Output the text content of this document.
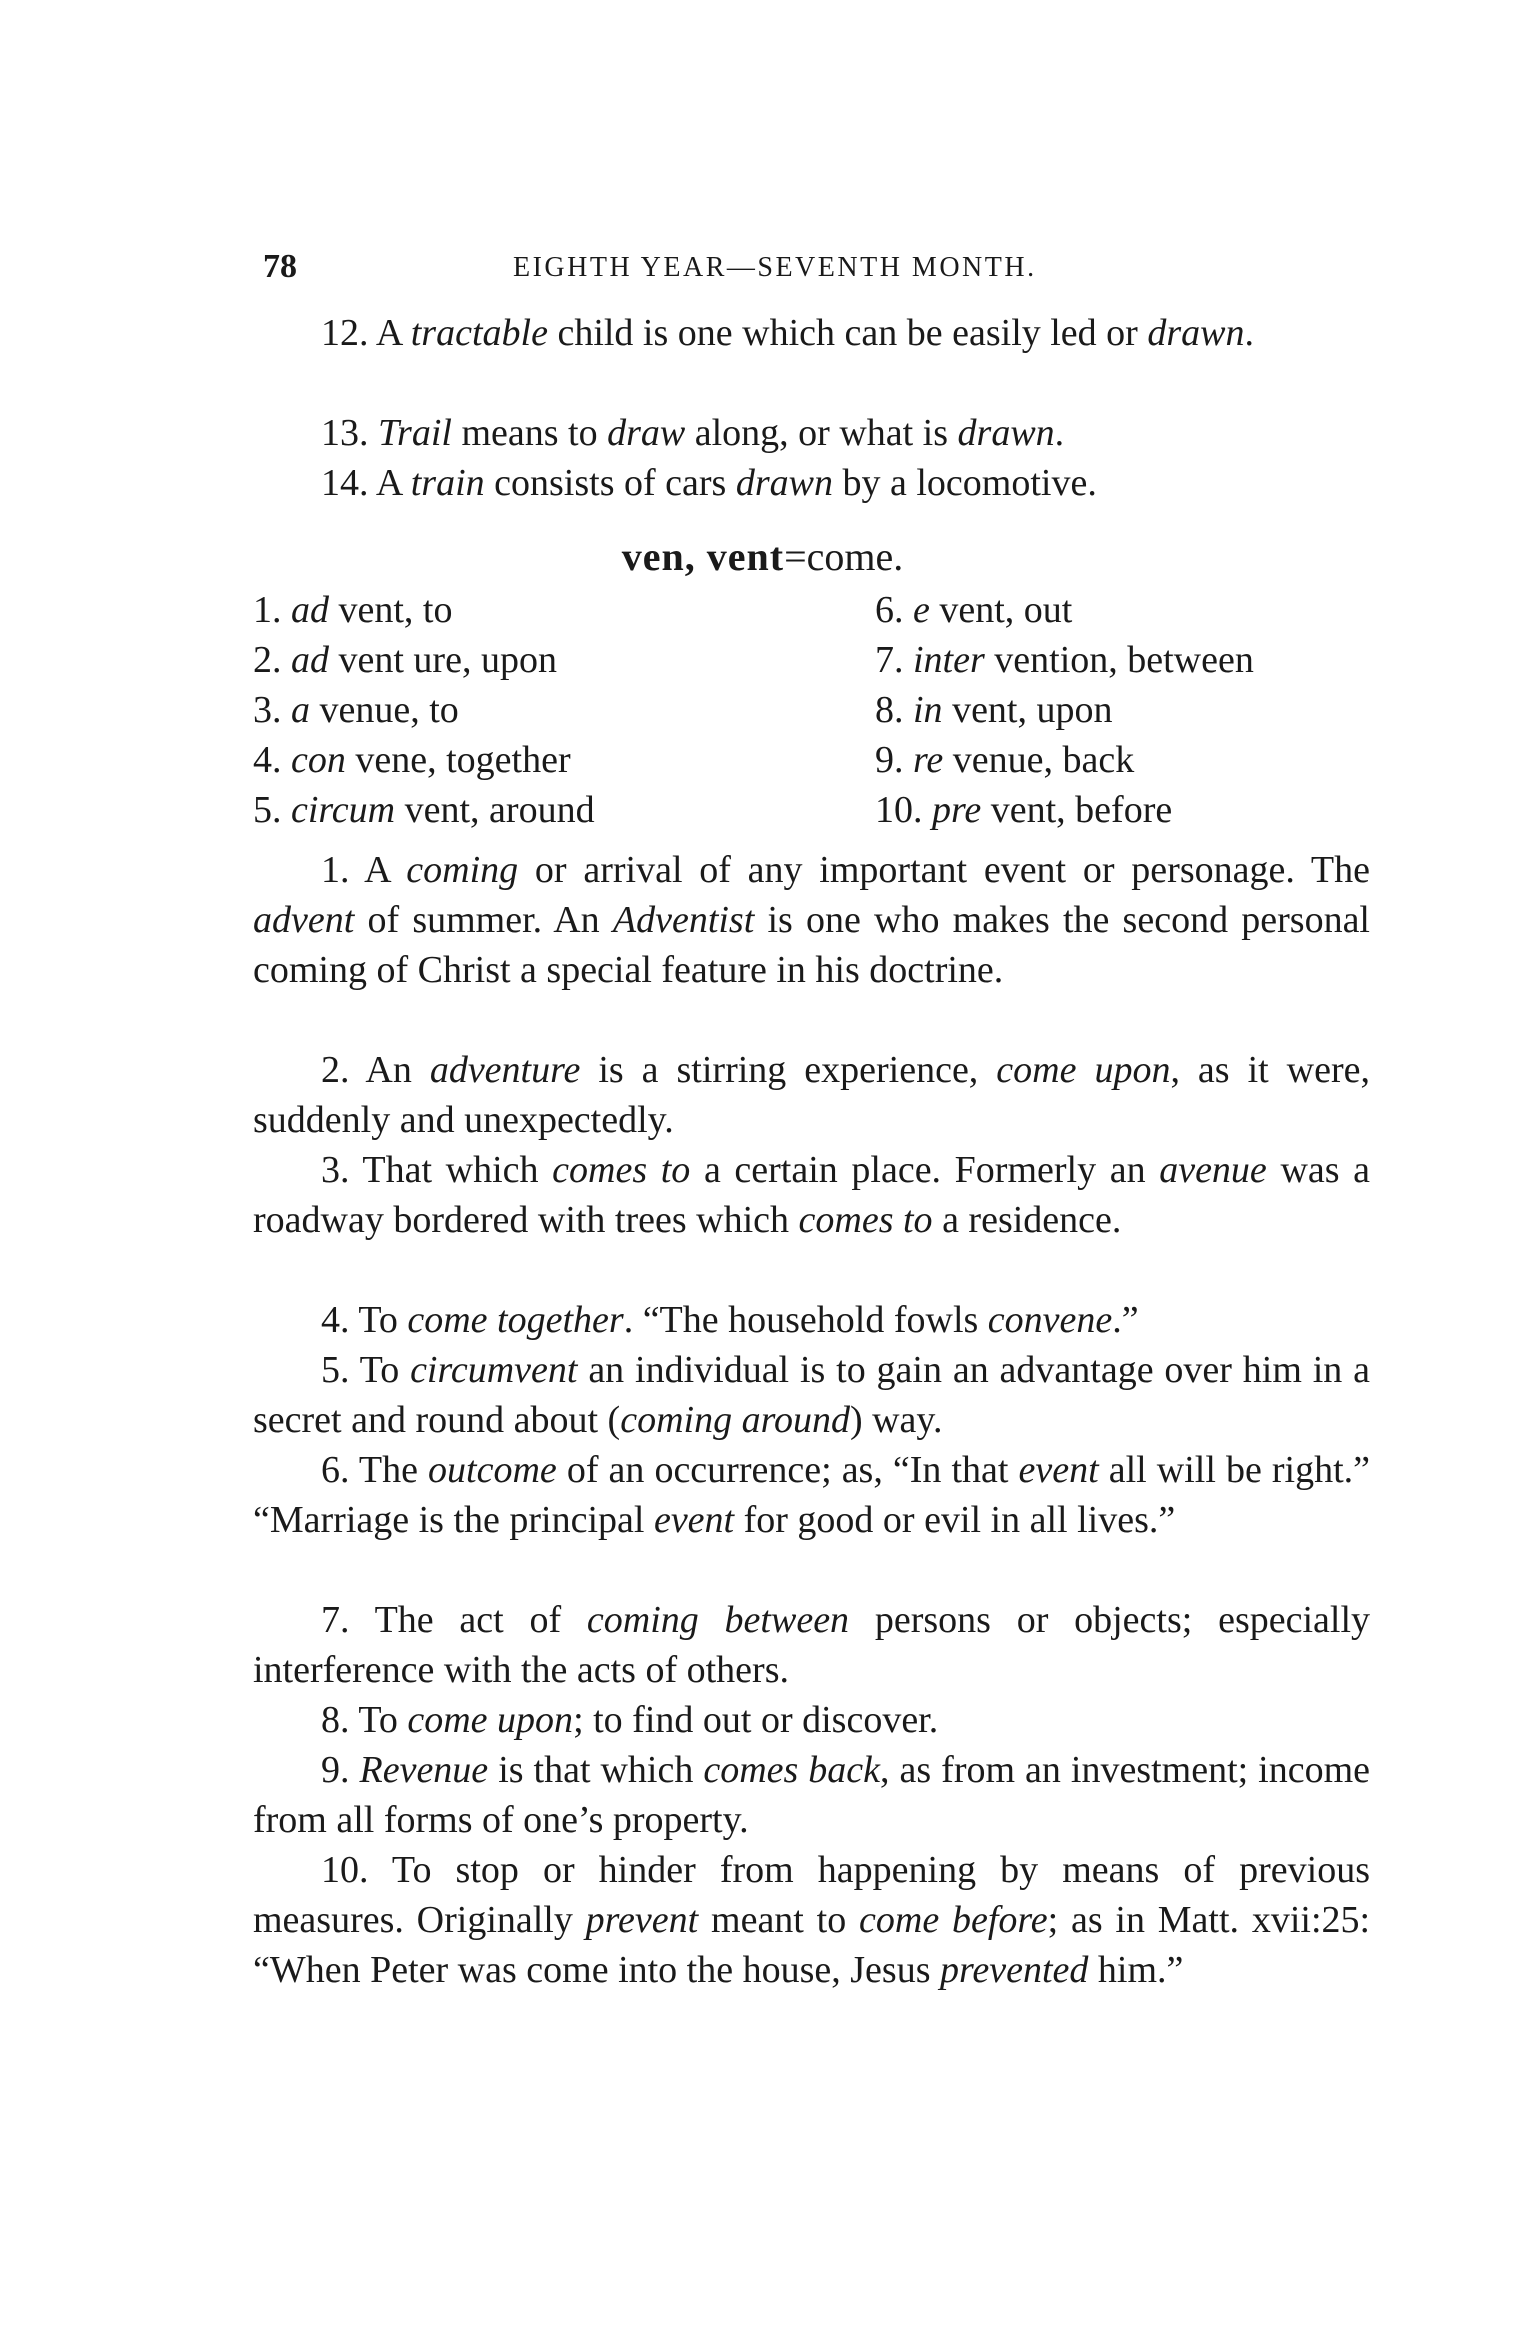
78	EIGHTH YEAR—SEVENTH MONTH.
12. A tractable child is one which can be easily led or drawn.
13. Trail means to draw along, or what is drawn.
14. A train consists of cars drawn by a locomotive.
ven, vent=come.
1. ad vent, to
2. ad vent ure, upon
3. a venue, to
4. con vene, together
5. circum vent, around
6. e vent, out
7. inter vention, between
8. in vent, upon
9. re venue, back
10. pre vent, before
1. A coming or arrival of any important event or personage. The advent of summer. An Adventist is one who makes the second personal coming of Christ a special feature in his doctrine.
2. An adventure is a stirring experience, come upon, as it were, suddenly and unexpectedly.
3. That which comes to a certain place. Formerly an avenue was a roadway bordered with trees which comes to a residence.
4. To come together. “The household fowls convene.”
5. To circumvent an individual is to gain an advantage over him in a secret and round about (coming around) way.
6. The outcome of an occurrence; as, “In that event all will be right.” “Marriage is the principal event for good or evil in all lives.”
7. The act of coming between persons or objects; especially interference with the acts of others.
8. To come upon; to find out or discover.
9. Revenue is that which comes back, as from an investment; income from all forms of one’s property.
10. To stop or hinder from happening by means of previous measures. Originally prevent meant to come before; as in Matt. xvii:25: “When Peter was come into the house, Jesus prevented him.”
